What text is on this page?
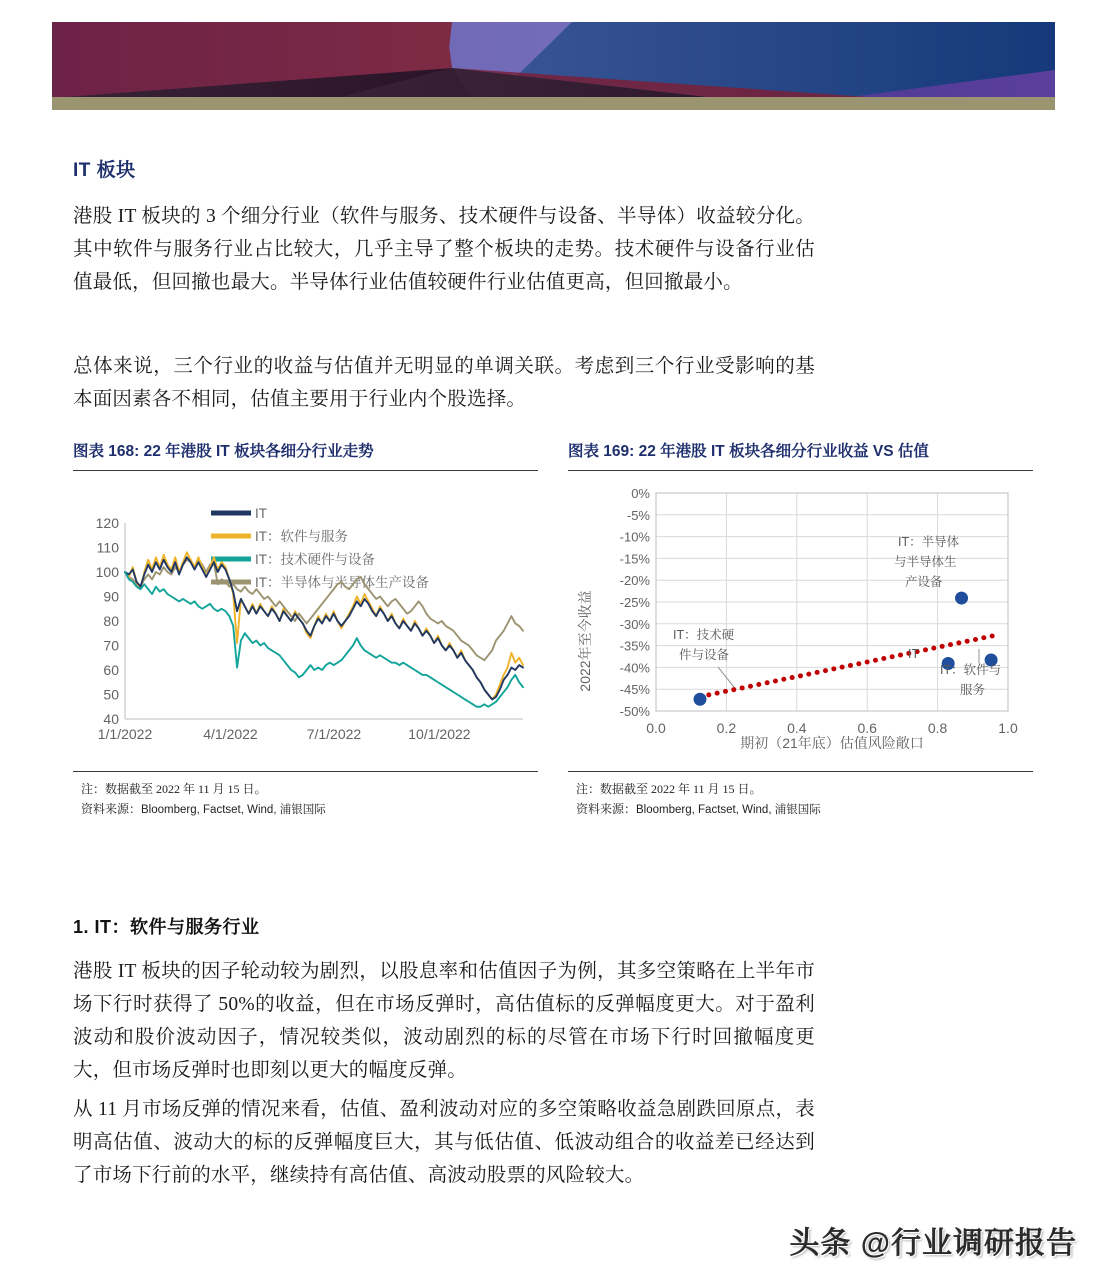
IT 板块

港股 IT 板块的 3 个细分行业（软件与服务、技术硬件与设备、半导体）收益较分化。其中软件与服务行业占比较大，几乎主导了整个板块的走势。技术硬件与设备行业估值最低，但回撤也最大。半导体行业估值较硬件行业估值更高，但回撤最小。

总体来说，三个行业的收益与估值并无明显的单调关联。考虑到三个行业受影响的基本面因素各不相同，估值主要用于行业内个股选择。

图表 168: 22 年港股 IT 板块各细分行业走势
IT
IT：软件与服务
IT：技术硬件与设备
IT：半导体与半导体生产设备
40
50
60
70
80
90
100
110
120
1/1/2022	4/1/2022	7/1/2022	10/1/2022
注：数据截至 2022 年 11 月 15 日。
资料来源：Bloomberg, Factset, Wind, 浦银国际
图表 169: 22 年港股 IT 板块各细分行业收益 VS 估值
2022年至今收益
0%
-5%
-10%
-15%
-20%
-25%
-30%
-35%
-40%
-45%
-50%
0.0	0.2	0.4	0.6	0.8	1.0
期初（21年底）估值风险敞口
IT：技术硬
件与设备
IT：半导体
与半导体生
产设备
IT
IT：软件与
服务
注：数据截至 2022 年 11 月 15 日。
资料来源：Bloomberg, Factset, Wind, 浦银国际
1. IT：软件与服务行业

港股 IT 板块的因子轮动较为剧烈，以股息率和估值因子为例，其多空策略在上半年市场下行时获得了 50%的收益，但在市场反弹时，高估值标的反弹幅度更大。对于盈利波动和股价波动因子，情况较类似，波动剧烈的标的尽管在市场下行时回撤幅度更大，但市场反弹时也即刻以更大的幅度反弹。

从 11 月市场反弹的情况来看，估值、盈利波动对应的多空策略收益急剧跌回原点，表明高估值、波动大的标的反弹幅度巨大，其与低估值、低波动组合的收益差已经达到了市场下行前的水平，继续持有高估值、高波动股票的风险较大。

头条 @行业调研报告
